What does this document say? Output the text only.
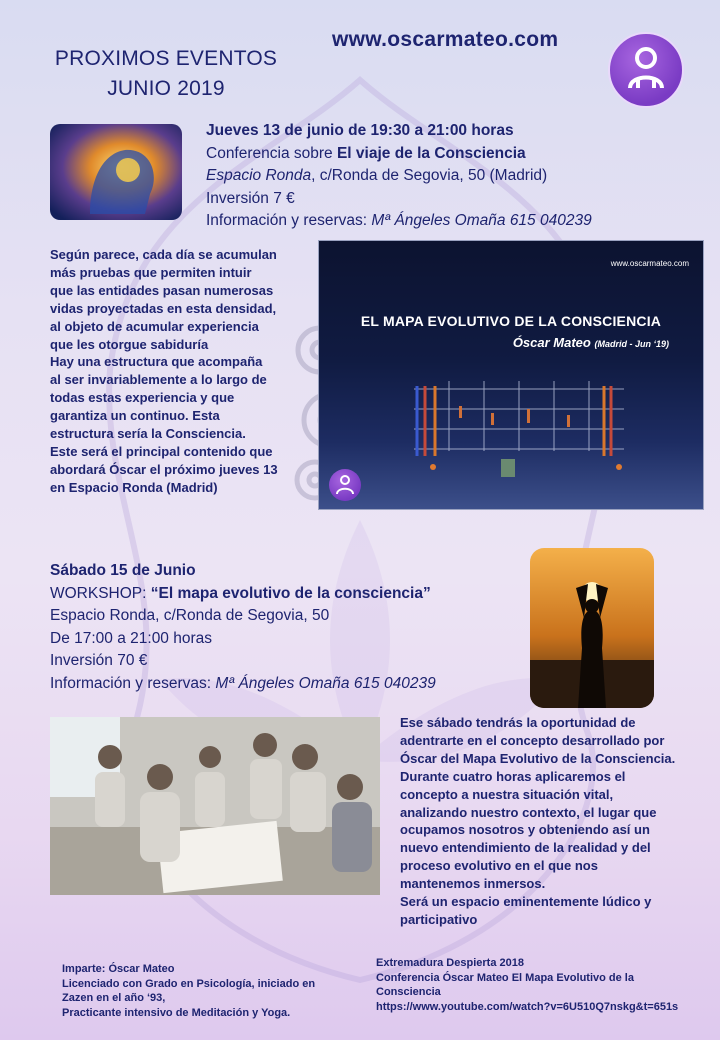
PROXIMOS EVENTOS
JUNIO 2019
www.oscarmateo.com
Jueves 13 de junio de 19:30 a 21:00 horas
Conferencia sobre El viaje de la Consciencia
Espacio Ronda, c/Ronda de Segovia, 50 (Madrid)
Inversión 7 €
Información y reservas: Mª Ángeles Omaña 615 040239
Según parece, cada día se acumulan
más pruebas que permiten intuir
que las entidades pasan numerosas
vidas proyectadas en esta densidad,
al objeto de acumular experiencia
que les otorgue sabiduría
Hay una estructura que acompaña
al ser invariablemente a lo largo de
todas estas experiencia y que
garantiza un continuo. Esta
estructura sería la Consciencia.
Este será el principal contenido que
abordará Óscar el próximo jueves 13
en Espacio Ronda (Madrid)
www.oscarmateo.com
EL MAPA EVOLUTIVO DE LA CONSCIENCIA
Óscar Mateo (Madrid - Jun ‘19)
Sábado 15 de Junio
WORKSHOP: “El mapa evolutivo de la consciencia”
Espacio Ronda, c/Ronda de Segovia, 50
De 17:00 a 21:00 horas
Inversión 70 €
Información y reservas: Mª Ángeles Omaña 615 040239
Ese sábado tendrás la oportunidad de
adentrarte en el concepto desarrollado por
Óscar del Mapa Evolutivo de la Consciencia.
Durante cuatro horas aplicaremos el
concepto a nuestra situación vital,
analizando nuestro contexto, el lugar que
ocupamos nosotros y obteniendo así un
nuevo entendimiento de la realidad y del
proceso evolutivo en el que nos
mantenemos inmersos.
Será un espacio eminentemente lúdico y
participativo
Imparte: Óscar Mateo
Licenciado con Grado en Psicología, iniciado en
Zazen en el año ‘93,
Practicante intensivo de Meditación y Yoga.
Extremadura Despierta 2018
Conferencia Óscar Mateo El Mapa Evolutivo de la
Consciencia
https://www.youtube.com/watch?v=6U510Q7nskg&t=651s
